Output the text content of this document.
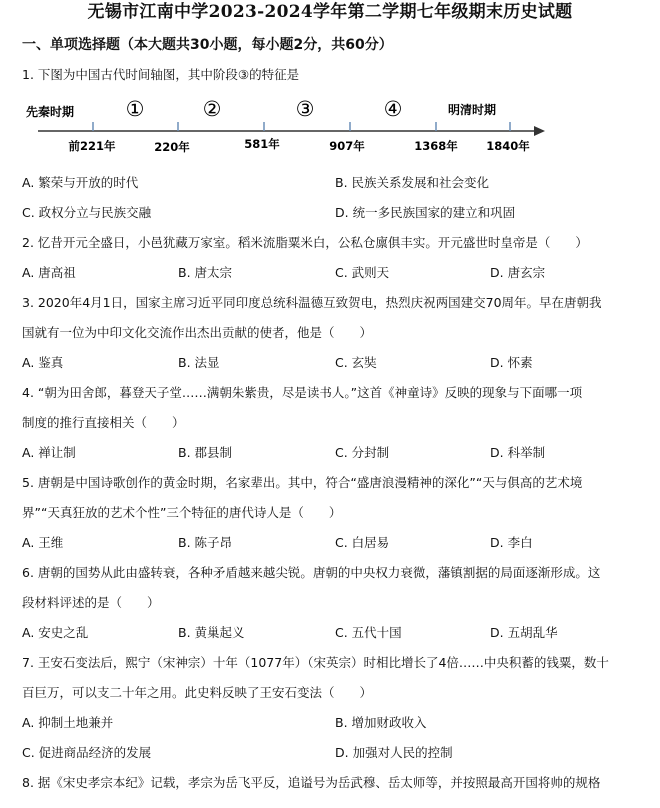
无锡市江南中学2023-2024学年第二学期七年级期末历史试题
一、单项选择题（本大题共30小题，每小题2分，共60分）
1. 下图为中国古代时间轴图，其中阶段③的特征是
先秦时期	明清时期
①	②	③	④
前221年	220年	581年	907年	1368年 1840年
A. 繁荣与开放的时代	B. 民族关系发展和社会变化
C. 政权分立与民族交融	D. 统一多民族国家的建立和巩固
2. 忆昔开元全盛日，小邑犹藏万家室。稻米流脂粟米白，公私仓廪俱丰实。开元盛世时皇帝是（　　）
A. 唐高祖	B. 唐太宗	C. 武则天	D. 唐玄宗
3. 2020年4月1日，国家主席习近平同印度总统科温德互致贺电，热烈庆祝两国建交70周年。早在唐朝我
国就有一位为中印文化交流作出杰出贡献的使者，他是（　　）
A. 鉴真	B. 法显	C. 玄奘	D. 怀素
4. “朝为田舍郎，暮登天子堂……满朝朱紫贵，尽是读书人。”这首《神童诗》反映的现象与下面哪一项
制度的推行直接相关（　　）
A. 禅让制	B. 郡县制	C. 分封制	D. 科举制
5. 唐朝是中国诗歌创作的黄金时期，名家辈出。其中，符合“盛唐浪漫精神的深化”“天与俱高的艺术境
界”“天真狂放的艺术个性”三个特征的唐代诗人是（　　）
A. 王维	B. 陈子昂	C. 白居易	D. 李白
6. 唐朝的国势从此由盛转衰，各种矛盾越来越尖锐。唐朝的中央权力衰微，藩镇割据的局面逐渐形成。这
段材料评述的是（　　）
A. 安史之乱	B. 黄巢起义	C. 五代十国	D. 五胡乱华
7. 王安石变法后，熙宁（宋神宗）十年（1077年）（宋英宗）时相比增长了4倍……中央积蓄的钱粟，数十
百巨万，可以支二十年之用。此史料反映了王安石变法（　　）
A. 抑制土地兼并	B. 增加财政收入
C. 促进商品经济的发展	D. 加强对人民的控制
8. 据《宋史孝宗本纪》记载，孝宗为岳飞平反，追谥号为岳武穆、岳太师等，并按照最高开国将帅的规格
